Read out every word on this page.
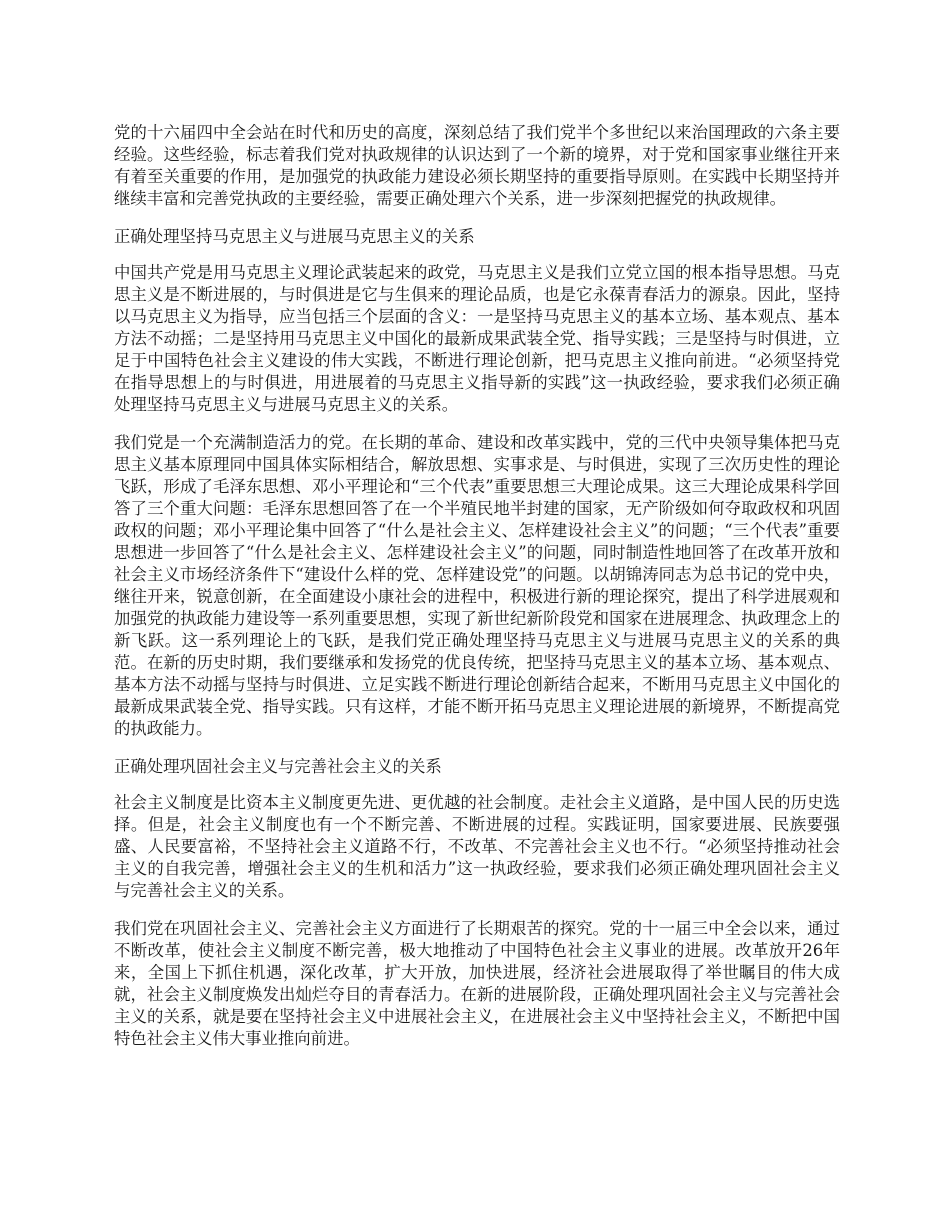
党的十六届四中全会站在时代和历史的高度，深刻总结了我们党半个多世纪以来治国理政的六条主要经验。这些经验，标志着我们党对执政规律的认识达到了一个新的境界，对于党和国家事业继往开来有着至关重要的作用，是加强党的执政能力建设必须长期坚持的重要指导原则。在实践中长期坚持并继续丰富和完善党执政的主要经验，需要正确处理六个关系，进一步深刻把握党的执政规律。

正确处理坚持马克思主义与进展马克思主义的关系

中国共产党是用马克思主义理论武装起来的政党，马克思主义是我们立党立国的根本指导思想。马克思主义是不断进展的，与时俱进是它与生俱来的理论品质，也是它永葆青春活力的源泉。因此，坚持以马克思主义为指导，应当包括三个层面的含义：一是坚持马克思主义的基本立场、基本观点、基本方法不动摇；二是坚持用马克思主义中国化的最新成果武装全党、指导实践；三是坚持与时俱进，立足于中国特色社会主义建设的伟大实践，不断进行理论创新，把马克思主义推向前进。“必须坚持党在指导思想上的与时俱进，用进展着的马克思主义指导新的实践”这一执政经验，要求我们必须正确处理坚持马克思主义与进展马克思主义的关系。

我们党是一个充满制造活力的党。在长期的革命、建设和改革实践中，党的三代中央领导集体把马克思主义基本原理同中国具体实际相结合，解放思想、实事求是、与时俱进，实现了三次历史性的理论飞跃，形成了毛泽东思想、邓小平理论和“三个代表”重要思想三大理论成果。这三大理论成果科学回答了三个重大问题：毛泽东思想回答了在一个半殖民地半封建的国家，无产阶级如何夺取政权和巩固政权的问题；邓小平理论集中回答了“什么是社会主义、怎样建设社会主义”的问题；“三个代表”重要思想进一步回答了“什么是社会主义、怎样建设社会主义”的问题，同时制造性地回答了在改革开放和社会主义市场经济条件下“建设什么样的党、怎样建设党”的问题。以胡锦涛同志为总书记的党中央，继往开来，锐意创新，在全面建设小康社会的进程中，积极进行新的理论探究，提出了科学进展观和加强党的执政能力建设等一系列重要思想，实现了新世纪新阶段党和国家在进展理念、执政理念上的新飞跃。这一系列理论上的飞跃，是我们党正确处理坚持马克思主义与进展马克思主义的关系的典范。在新的历史时期，我们要继承和发扬党的优良传统，把坚持马克思主义的基本立场、基本观点、基本方法不动摇与坚持与时俱进、立足实践不断进行理论创新结合起来，不断用马克思主义中国化的最新成果武装全党、指导实践。只有这样，才能不断开拓马克思主义理论进展的新境界，不断提高党的执政能力。

正确处理巩固社会主义与完善社会主义的关系

社会主义制度是比资本主义制度更先进、更优越的社会制度。走社会主义道路，是中国人民的历史选择。但是，社会主义制度也有一个不断完善、不断进展的过程。实践证明，国家要进展、民族要强盛、人民要富裕，不坚持社会主义道路不行，不改革、不完善社会主义也不行。“必须坚持推动社会主义的自我完善，增强社会主义的生机和活力”这一执政经验，要求我们必须正确处理巩固社会主义与完善社会主义的关系。

我们党在巩固社会主义、完善社会主义方面进行了长期艰苦的探究。党的十一届三中全会以来，通过不断改革，使社会主义制度不断完善，极大地推动了中国特色社会主义事业的进展。改革放开26年来，全国上下抓住机遇，深化改革，扩大开放，加快进展，经济社会进展取得了举世瞩目的伟大成就，社会主义制度焕发出灿烂夺目的青春活力。在新的进展阶段，正确处理巩固社会主义与完善社会主义的关系，就是要在坚持社会主义中进展社会主义，在进展社会主义中坚持社会主义，不断把中国特色社会主义伟大事业推向前进。
